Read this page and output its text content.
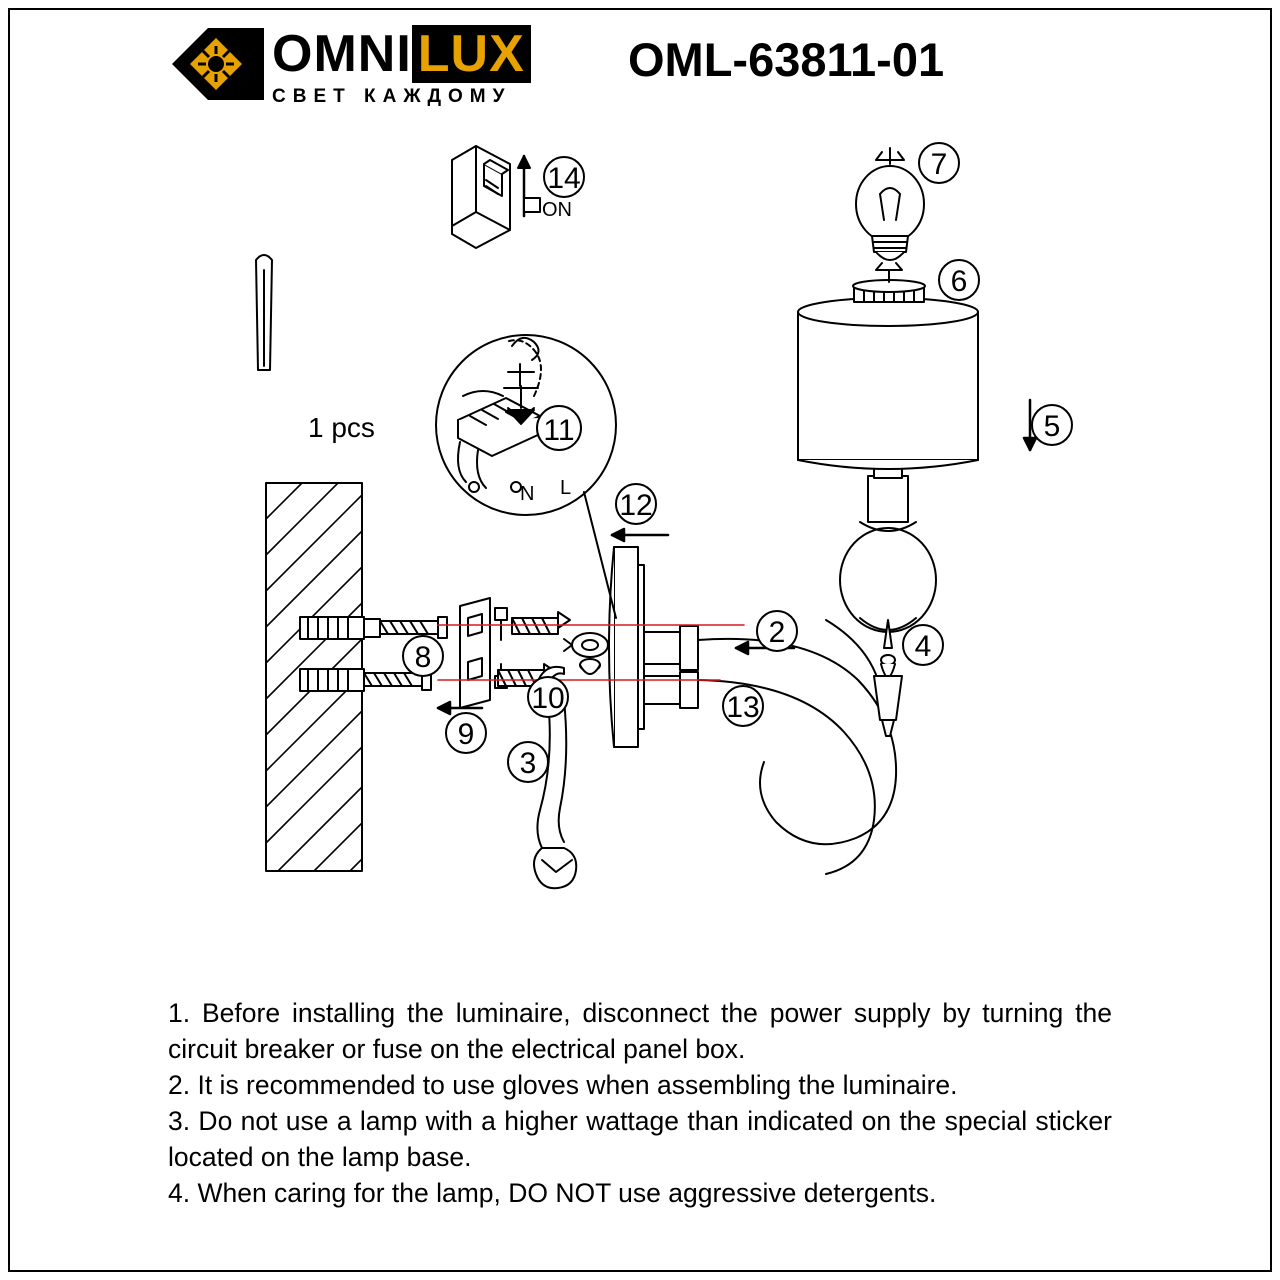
OMNI LUX
СВЕТ КАЖДОМУ
OML-63811-01
2
3
4
5
6
7
8
9
10
11
12
13
14
ON
N L
1 pcs

1. Before installing the luminaire, disconnect the power supply by turning the circuit breaker or fuse on the electrical panel box.

2. It is recommended to use gloves when assembling the luminaire.

3. Do not use a lamp with a higher wattage than indicated on the special sticker located on the lamp base.

4. When caring for the lamp, DO NOT use aggressive detergents.
